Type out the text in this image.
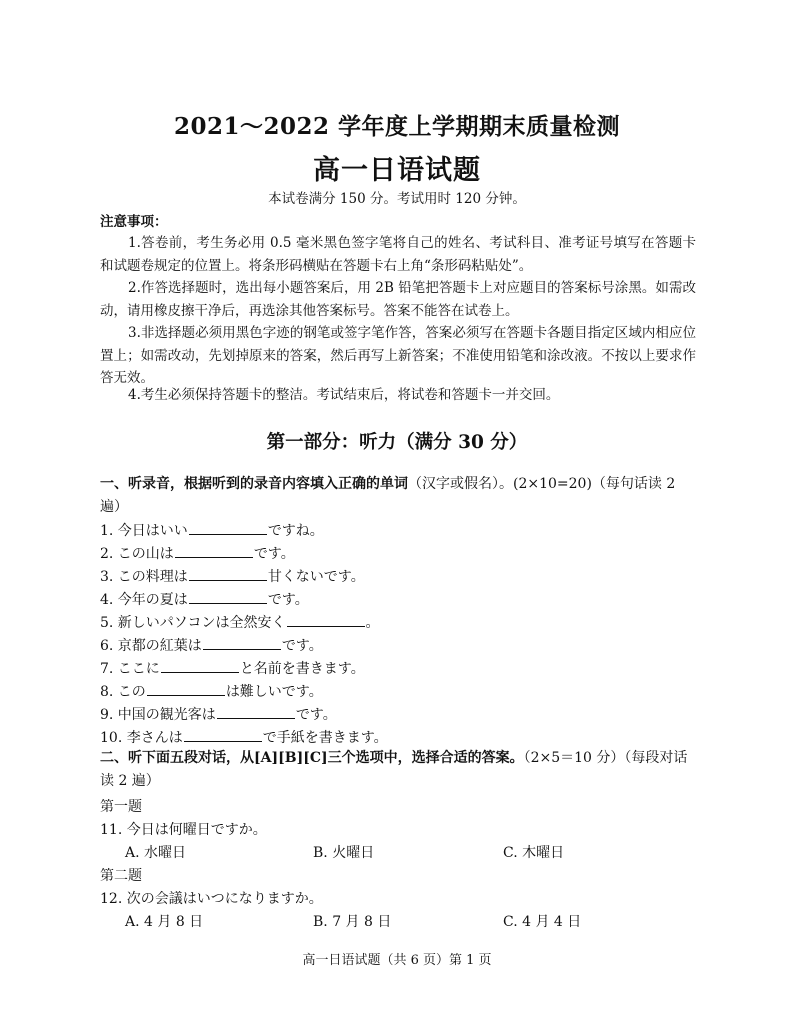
2021～2022 学年度上学期期末质量检测
高一日语试题
本试卷满分 150 分。考试用时 120 分钟。
注意事项：
1.答卷前，考生务必用 0.5 毫米黑色签字笔将自己的姓名、考试科目、准考证号填写在答题卡和试题卷规定的位置上。将条形码横贴在答题卡右上角“条形码粘贴处”。
2.作答选择题时，选出每小题答案后，用 2B 铅笔把答题卡上对应题目的答案标号涂黑。如需改动，请用橡皮擦干净后，再选涂其他答案标号。答案不能答在试卷上。
3.非选择题必须用黑色字迹的钢笔或签字笔作答，答案必须写在答题卡各题目指定区域内相应位置上；如需改动，先划掉原来的答案，然后再写上新答案；不准使用铅笔和涂改液。不按以上要求作答无效。
4.考生必须保持答题卡的整洁。考试结束后，将试卷和答题卡一并交回。
第一部分：听力（满分 30 分）
一、听录音，根据听到的录音内容填入正确的单词（汉字或假名）。(2×10=20)（每句话读 2 遍）
1. 今日はいい	ですね。
2. この山は	です。
3. この料理は	甘くないです。
4. 今年の夏は	です。
5. 新しいパソコンは全然安く	。
6. 京都の紅葉は	です。
7. ここに	と名前を書きます。
8. この	は難しいです。
9. 中国の観光客は	です。
10. 李さんは	で手紙を書きます。
二、听下面五段对话，从[A][B][C]三个选项中，选择合适的答案。（2×5＝10 分）（每段对话读 2 遍）
第一题
11. 今日は何曜日ですか。
A. 水曜日	B. 火曜日	C. 木曜日
第二题
12. 次の会議はいつになりますか。
A. 4 月 8 日	B. 7 月 8 日	C. 4 月 4 日
高一日语试题（共 6 页）第 1 页
